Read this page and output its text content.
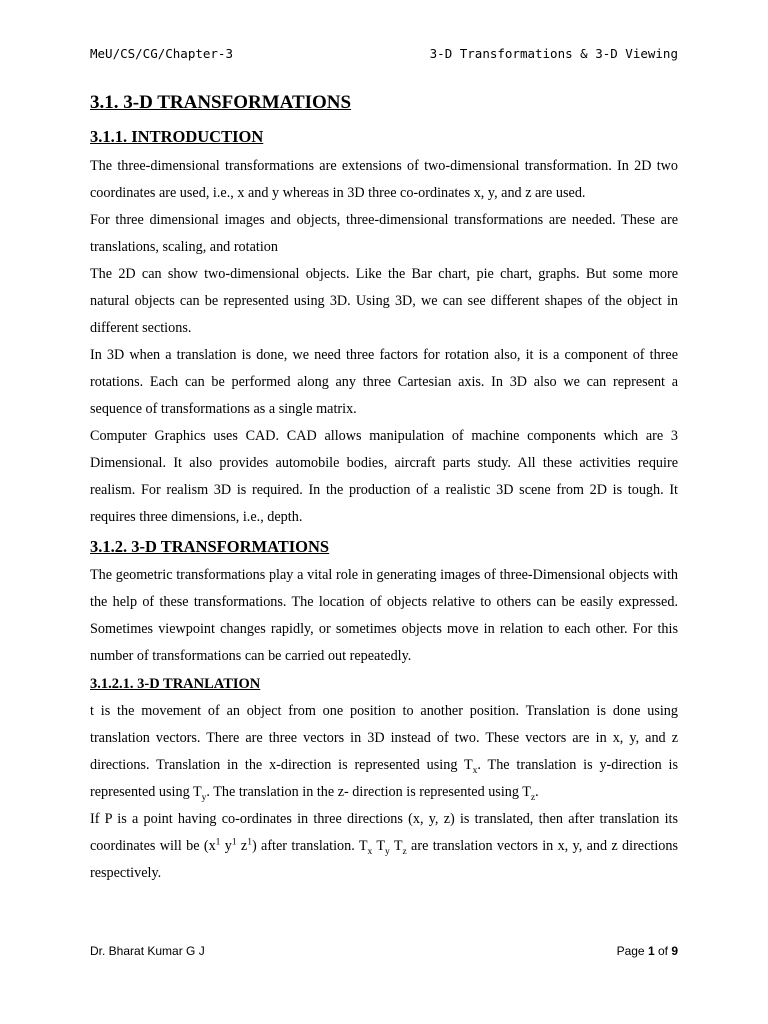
MeU/CS/CG/Chapter-3	3-D Transformations & 3-D Viewing
3.1. 3-D TRANSFORMATIONS
3.1.1. INTRODUCTION

The three-dimensional transformations are extensions of two-dimensional transformation. In 2D two coordinates are used, i.e., x and y whereas in 3D three co-ordinates x, y, and z are used.

For three dimensional images and objects, three-dimensional transformations are needed. These are translations, scaling, and rotation

The 2D can show two-dimensional objects. Like the Bar chart, pie chart, graphs. But some more natural objects can be represented using 3D. Using 3D, we can see different shapes of the object in different sections.

In 3D when a translation is done, we need three factors for rotation also, it is a component of three rotations. Each can be performed along any three Cartesian axis. In 3D also we can represent a sequence of transformations as a single matrix.

Computer Graphics uses CAD. CAD allows manipulation of machine components which are 3 Dimensional. It also provides automobile bodies, aircraft parts study. All these activities require realism. For realism 3D is required. In the production of a realistic 3D scene from 2D is tough. It requires three dimensions, i.e., depth.

3.1.2. 3-D TRANSFORMATIONS

The geometric transformations play a vital role in generating images of three-Dimensional objects with the help of these transformations. The location of objects relative to others can be easily expressed. Sometimes viewpoint changes rapidly, or sometimes objects move in relation to each other. For this number of transformations can be carried out repeatedly.

3.1.2.1. 3-D TRANLATION

t is the movement of an object from one position to another position. Translation is done using translation vectors. There are three vectors in 3D instead of two. These vectors are in x, y, and z directions. Translation in the x-direction is represented using $T_x$. The translation is y-direction is represented using $T_y$. The translation in the z- direction is represented using $T_z$.

If P is a point having co-ordinates in three directions (x, y, z) is translated, then after translation its coordinates will be ($x^1$ $y^1$ $z^1$) after translation. $T_x$ $T_y$ $T_z$ are translation vectors in x, y, and z directions respectively.

Dr. Bharat Kumar G J	Page 1 of 9
